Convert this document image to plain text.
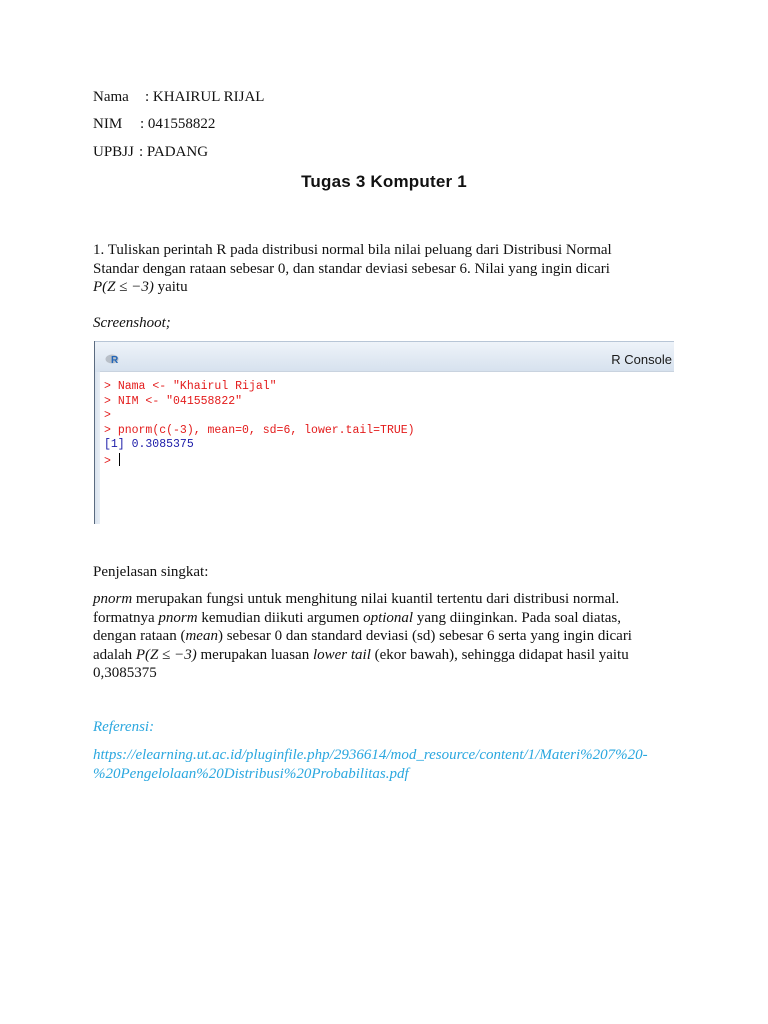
Nama : KHAIRUL RIJAL
NIM : 041558822
UPBJJ : PADANG
Tugas 3 Komputer 1
1. Tuliskan perintah R pada distribusi normal bila nilai peluang dari Distribusi Normal
Standar dengan rataan sebesar 0, dan standar deviasi sebesar 6. Nilai yang ingin dicari
P(Z ≤ −3) yaitu
Screenshoot;
R	R Console
> Nama <- "Khairul Rijal"
> NIM <- "041558822"
>
> pnorm(c(-3), mean=0, sd=6, lower.tail=TRUE)
[1] 0.3085375
>
Penjelasan singkat:
pnorm merupakan fungsi untuk menghitung nilai kuantil tertentu dari distribusi normal.
formatnya pnorm kemudian diikuti argumen optional yang diinginkan. Pada soal diatas,
dengan rataan (mean) sebesar 0 dan standard deviasi (sd) sebesar 6 serta yang ingin dicari
adalah P(Z ≤ −3) merupakan luasan lower tail (ekor bawah), sehingga didapat hasil yaitu
0,3085375
Referensi:
https://elearning.ut.ac.id/pluginfile.php/2936614/mod_resource/content/1/Materi%207%20-
%20Pengelolaan%20Distribusi%20Probabilitas.pdf
